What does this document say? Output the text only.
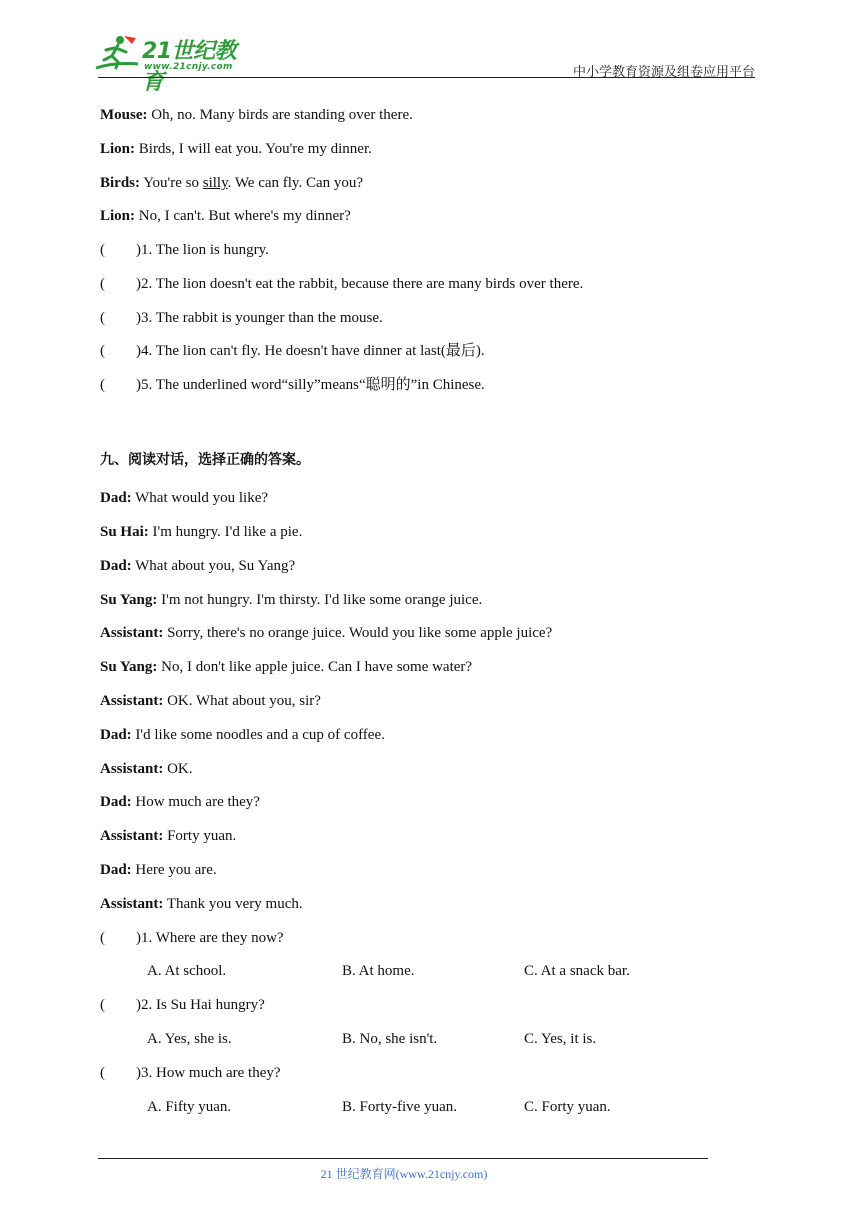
21世纪教育
www.21cnjy.com	中小学教育资源及组卷应用平台
Mouse: Oh, no. Many birds are standing over there.
Lion: Birds, I will eat you. You're my dinner.
Birds: You're so silly. We can fly. Can you?
Lion: No, I can't. But where's my dinner?
( )1. The lion is hungry.
( )2. The lion doesn't eat the rabbit, because there are many birds over there.
( )3. The rabbit is younger than the mouse.
( )4. The lion can't fly. He doesn't have dinner at last(最后).
( )5. The underlined word“silly”means“聪明的”in Chinese.
九、阅读对话，选择正确的答案。
Dad: What would you like?
Su Hai: I'm hungry. I'd like a pie.
Dad: What about you, Su Yang?
Su Yang: I'm not hungry. I'm thirsty. I'd like some orange juice.
Assistant: Sorry, there's no orange juice. Would you like some apple juice?
Su Yang: No, I don't like apple juice. Can I have some water?
Assistant: OK. What about you, sir?
Dad: I'd like some noodles and a cup of coffee.
Assistant: OK.
Dad: How much are they?
Assistant: Forty yuan.
Dad: Here you are.
Assistant: Thank you very much.
( )1. Where are they now?
A. At school.	B. At home.	C. At a snack bar.
( )2. Is Su Hai hungry?
A. Yes, she is.	B. No, she isn't.	C. Yes, it is.
( )3. How much are they?
A. Fifty yuan.	B. Forty-five yuan.	C. Forty yuan.
21 世纪教育网(www.21cnjy.com)
